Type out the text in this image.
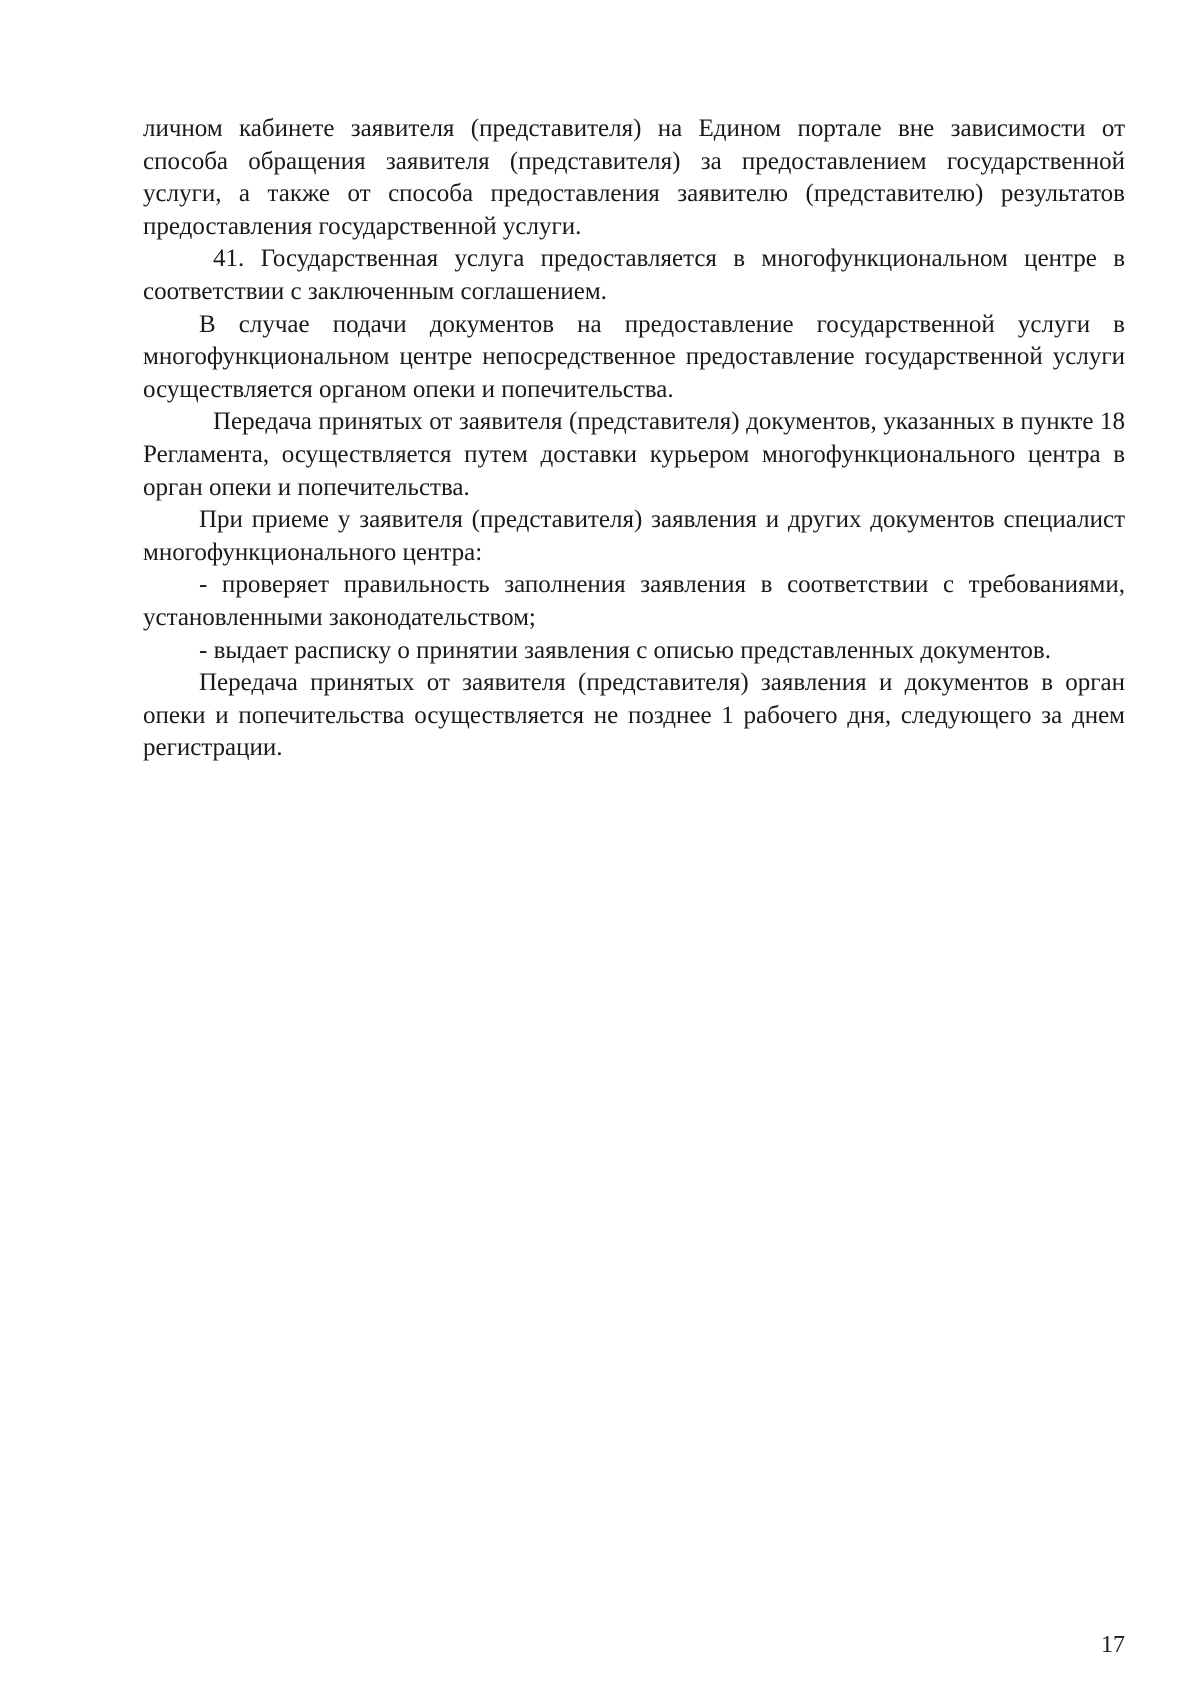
личном кабинете заявителя (представителя) на Едином портале вне зависимости от способа обращения заявителя (представителя) за предоставлением государственной услуги, а также от способа предоставления заявителю (представителю) результатов предоставления государственной услуги.

41. Государственная услуга предоставляется в многофункциональном центре в соответствии с заключенным соглашением.

В случае подачи документов на предоставление государственной услуги в многофункциональном центре непосредственное предоставление государственной услуги осуществляется органом опеки и попечительства.

Передача принятых от заявителя (представителя) документов, указанных в пункте 18 Регламента, осуществляется путем доставки курьером многофункционального центра в орган опеки и попечительства.

При приеме у заявителя (представителя) заявления и других документов специалист многофункционального центра:

- проверяет правильность заполнения заявления в соответствии с требованиями, установленными законодательством;

- выдает расписку о принятии заявления с описью представленных документов.

Передача принятых от заявителя (представителя) заявления и документов в орган опеки и попечительства осуществляется не позднее 1 рабочего дня, следующего за днем регистрации.

17
